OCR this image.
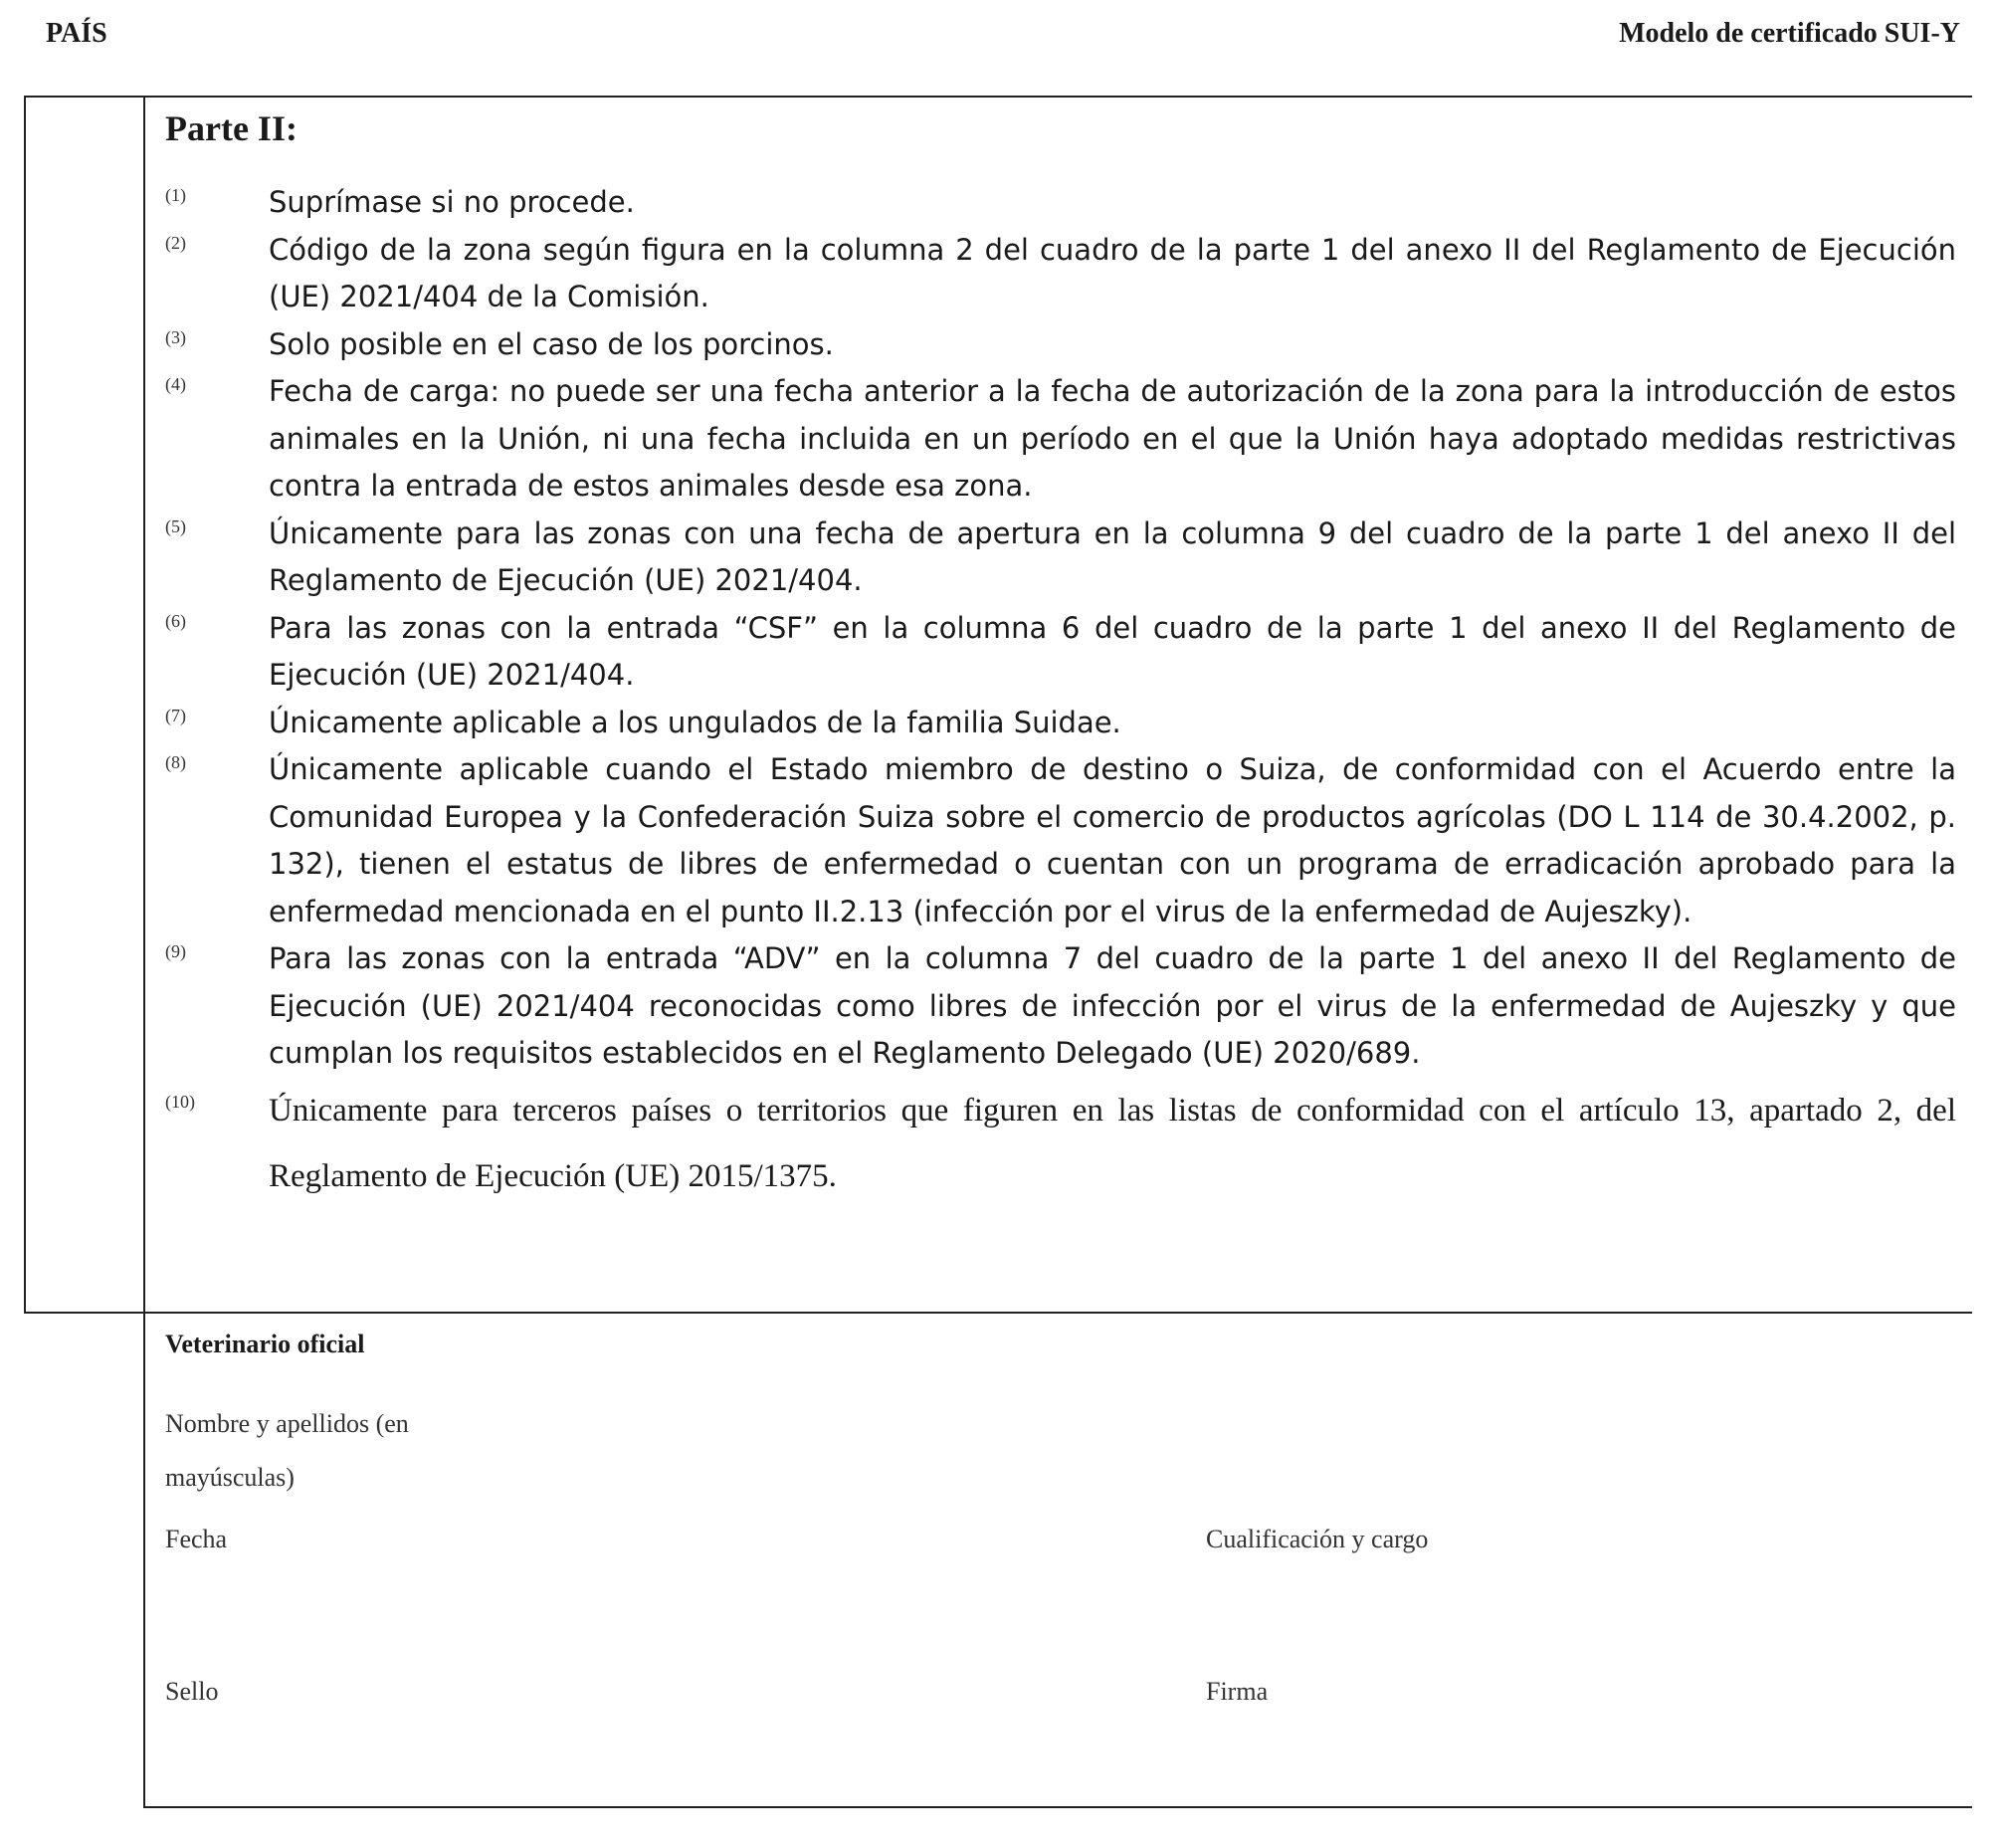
PAÍS	Modelo de certificado SUI-Y
Parte II:
(1)	Suprímase si no procede.
(2)	Código de la zona según figura en la columna 2 del cuadro de la parte 1 del anexo II del Reglamento de Ejecución (UE) 2021/404 de la Comisión.
(3)	Solo posible en el caso de los porcinos.
(4)	Fecha de carga: no puede ser una fecha anterior a la fecha de autorización de la zona para la introducción de estos animales en la Unión, ni una fecha incluida en un período en el que la Unión haya adoptado medidas restrictivas contra la entrada de estos animales desde esa zona.
(5)	Únicamente para las zonas con una fecha de apertura en la columna 9 del cuadro de la parte 1 del anexo II del Reglamento de Ejecución (UE) 2021/404.
(6)	Para las zonas con la entrada “CSF” en la columna 6 del cuadro de la parte 1 del anexo II del Reglamento de Ejecución (UE) 2021/404.
(7)	Únicamente aplicable a los ungulados de la familia Suidae.
(8)	Únicamente aplicable cuando el Estado miembro de destino o Suiza, de conformidad con el Acuerdo entre la Comunidad Europea y la Confederación Suiza sobre el comercio de productos agrícolas (DO L 114 de 30.4.2002, p. 132), tienen el estatus de libres de enfermedad o cuentan con un programa de erradicación aprobado para la enfermedad mencionada en el punto II.2.13 (infección por el virus de la enfermedad de Aujeszky).
(9)	Para las zonas con la entrada “ADV” en la columna 7 del cuadro de la parte 1 del anexo II del Reglamento de Ejecución (UE) 2021/404 reconocidas como libres de infección por el virus de la enfermedad de Aujeszky y que cumplan los requisitos establecidos en el Reglamento Delegado (UE) 2020/689.
(10)	Únicamente para terceros países o territorios que figuren en las listas de conformidad con el artículo 13, apartado 2, del Reglamento de Ejecución (UE) 2015/1375.
Veterinario oficial
Nombre y apellidos (en mayúsculas)
Fecha	Cualificación y cargo
Sello	Firma
